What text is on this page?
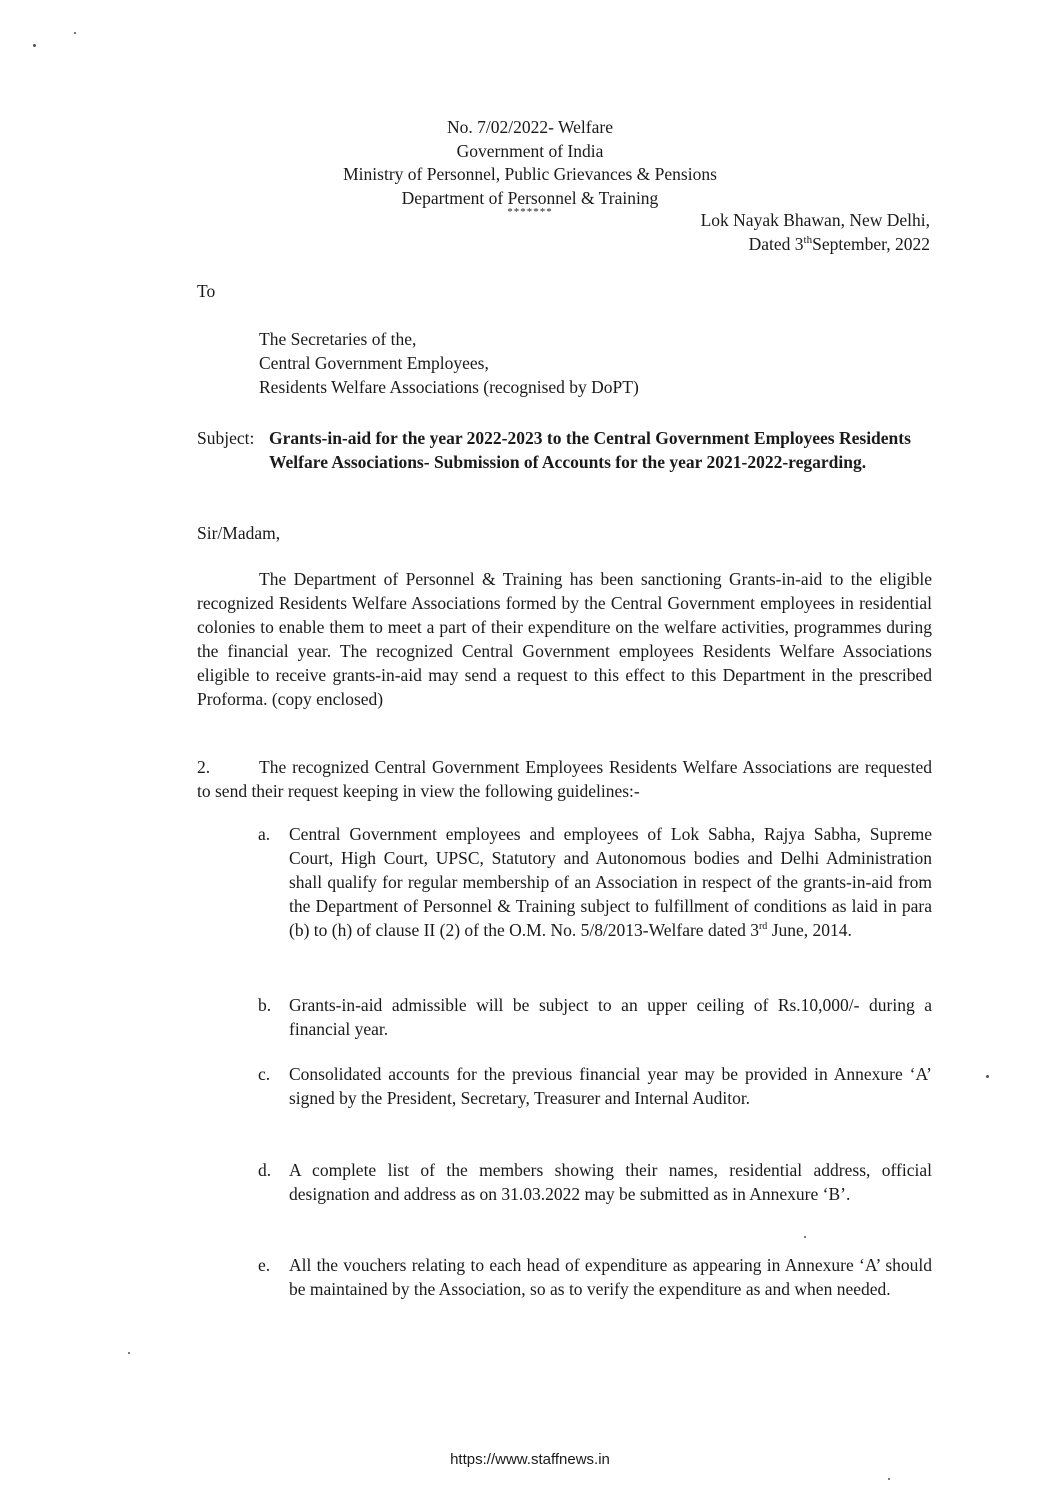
No. 7/02/2022- Welfare
Government of India
Ministry of Personnel, Public Grievances & Pensions
Department of Personnel & Training
*******	Lok Nayak Bhawan, New Delhi,
Dated 3thSeptember, 2022
To
The Secretaries of the,
Central Government Employees,
Residents Welfare Associations (recognised by DoPT)
Subject: Grants-in-aid for the year 2022-2023 to the Central Government Employees Residents Welfare Associations- Submission of Accounts for the year 2021-2022-regarding.
Sir/Madam,
The Department of Personnel & Training has been sanctioning Grants-in-aid to the eligible recognized Residents Welfare Associations formed by the Central Government employees in residential colonies to enable them to meet a part of their expenditure on the welfare activities, programmes during the financial year. The recognized Central Government employees Residents Welfare Associations eligible to receive grants-in-aid may send a request to this effect to this Department in the prescribed Proforma. (copy enclosed)
2.	The recognized Central Government Employees Residents Welfare Associations are requested to send their request keeping in view the following guidelines:-
a. Central Government employees and employees of Lok Sabha, Rajya Sabha, Supreme Court, High Court, UPSC, Statutory and Autonomous bodies and Delhi Administration shall qualify for regular membership of an Association in respect of the grants-in-aid from the Department of Personnel & Training subject to fulfillment of conditions as laid in para (b) to (h) of clause II (2) of the O.M. No. 5/8/2013-Welfare dated 3rd June, 2014.
b. Grants-in-aid admissible will be subject to an upper ceiling of Rs.10,000/- during a financial year.
c. Consolidated accounts for the previous financial year may be provided in Annexure ‘A’ signed by the President, Secretary, Treasurer and Internal Auditor.
d. A complete list of the members showing their names, residential address, official designation and address as on 31.03.2022 may be submitted as in Annexure ‘B’.
e. All the vouchers relating to each head of expenditure as appearing in Annexure ‘A’ should be maintained by the Association, so as to verify the expenditure as and when needed.
https://www.staffnews.in
